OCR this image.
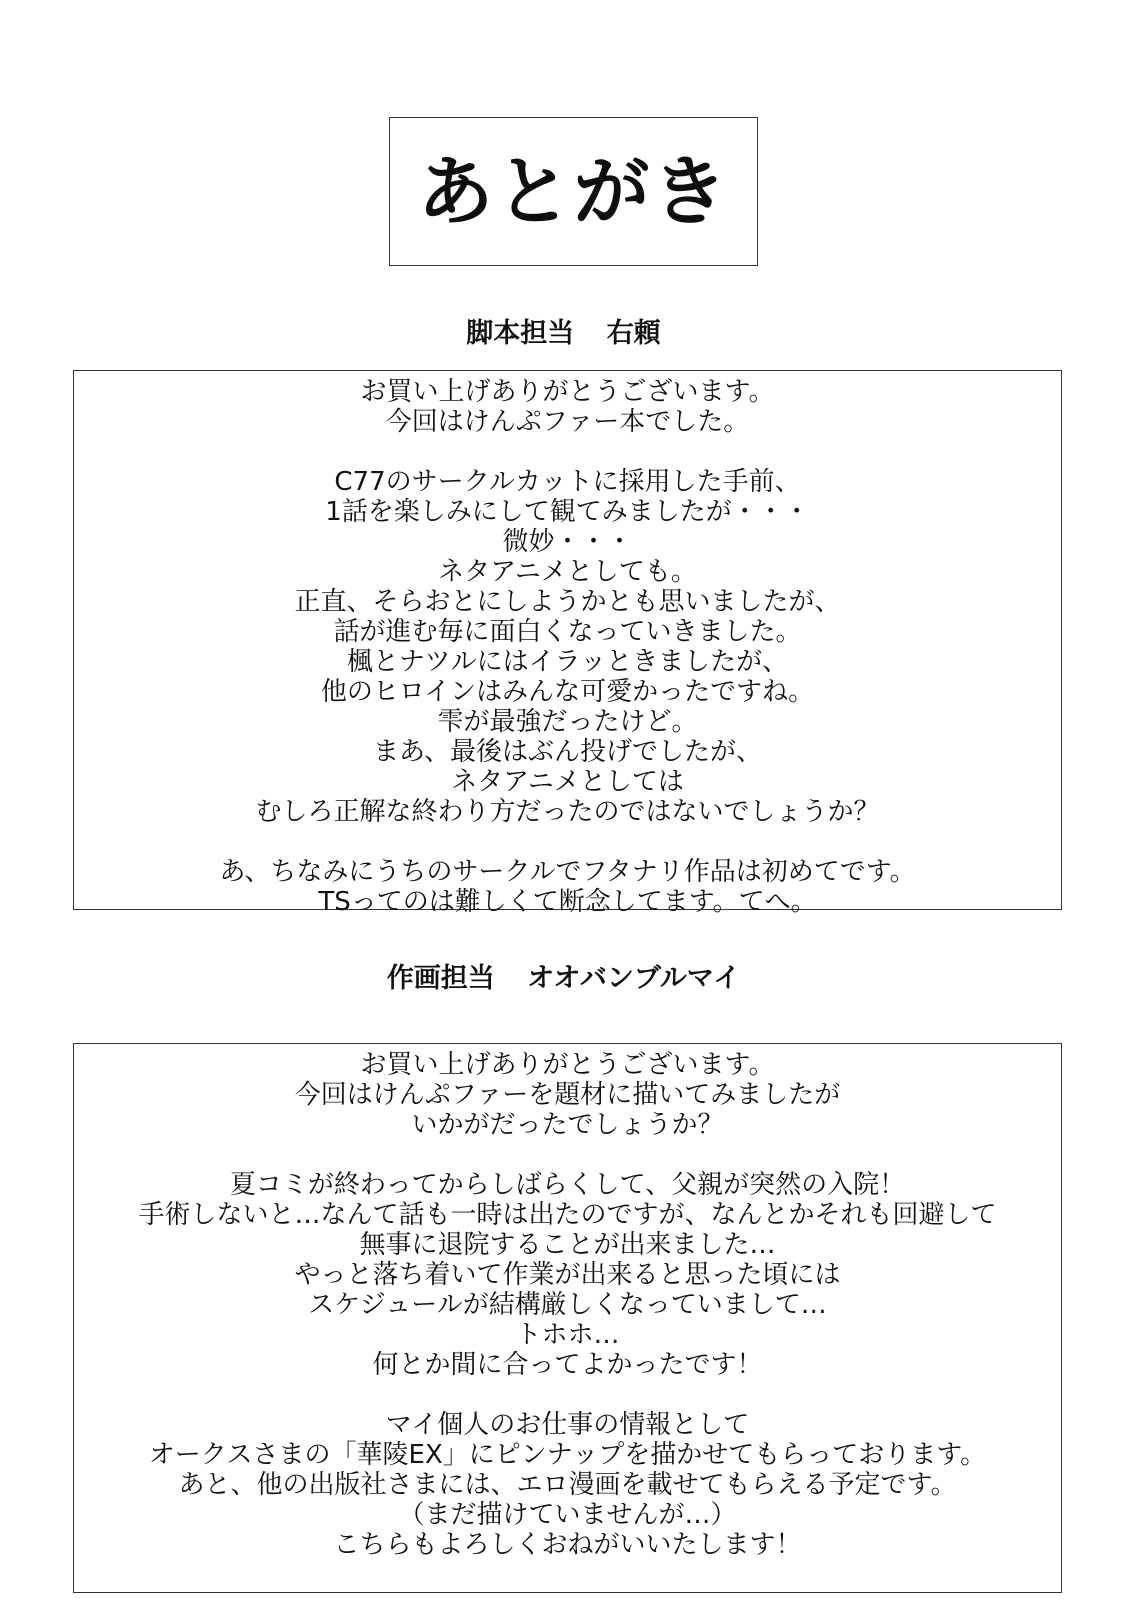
あとがき
脚本担当 右頼
お買い上げありがとうございます。
今回はけんぷファー本でした。
C77のサークルカットに採用した手前、
1話を楽しみにして観てみましたが・・・
微妙・・・
ネタアニメとしても。
正直、そらおとにしようかとも思いましたが、
話が進む毎に面白くなっていきました。
楓とナツルにはイラッときましたが、
他のヒロインはみんな可愛かったですね。
雫が最強だったけど。
まあ、最後はぶん投げでしたが、
ネタアニメとしては
むしろ正解な終わり方だったのではないでしょうか？
あ、ちなみにうちのサークルでフタナリ作品は初めてです。
TSってのは難しくて断念してます。てへ。
作画担当 オオバンブルマイ
お買い上げありがとうございます。
今回はけんぷファーを題材に描いてみましたが
いかがだったでしょうか？
夏コミが終わってからしばらくして、父親が突然の入院！
手術しないと…なんて話も一時は出たのですが、なんとかそれも回避して
無事に退院することが出来ました…
やっと落ち着いて作業が出来ると思った頃には
スケジュールが結構厳しくなっていまして…
トホホ…
何とか間に合ってよかったです！
マイ個人のお仕事の情報として
オークスさまの「華陵EX」にピンナップを描かせてもらっております。
あと、他の出版社さまには、エロ漫画を載せてもらえる予定です。
（まだ描けていませんが…）
こちらもよろしくおねがいいたします！
